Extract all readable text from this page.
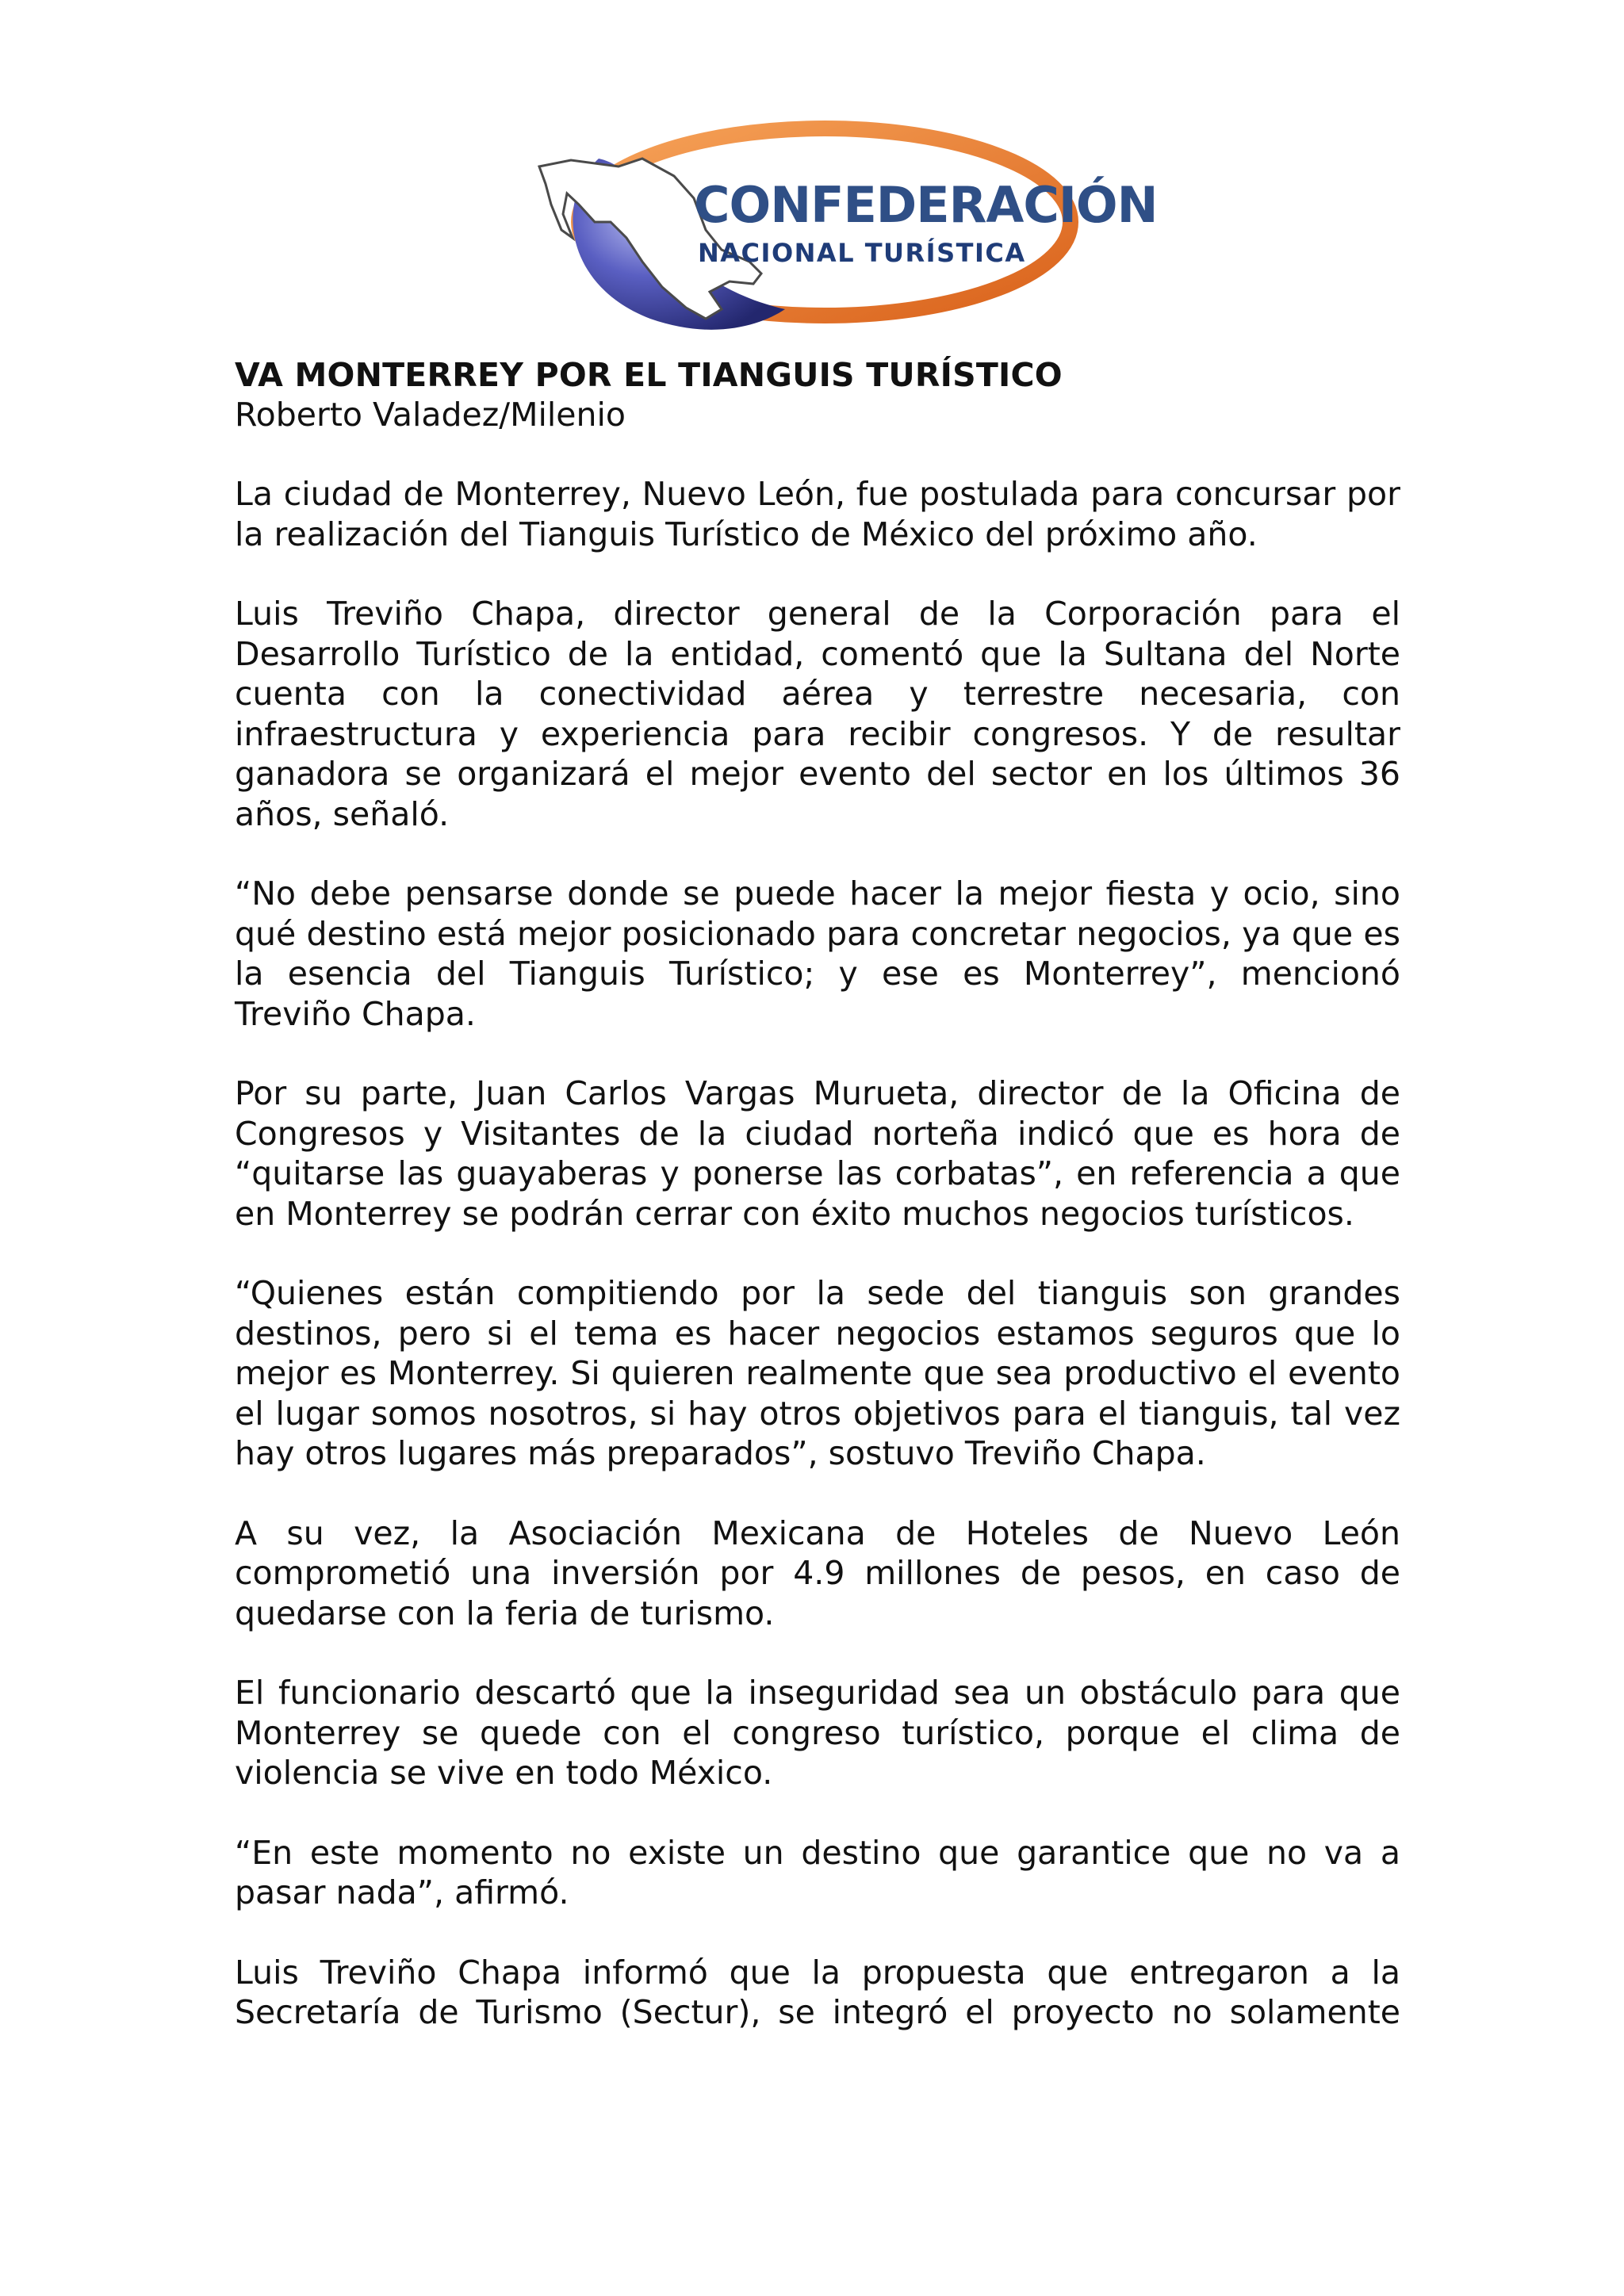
CONFEDERACIÓN
NACIONAL TURÍSTICA
VA MONTERREY POR EL TIANGUIS TURÍSTICO

Roberto Valadez/Milenio

La ciudad de Monterrey, Nuevo León, fue postulada para concursar por la realización del Tianguis Turístico de México del próximo año.

Luis Treviño Chapa, director general de la Corporación para el Desarrollo Turístico de la entidad, comentó que la Sultana del Norte cuenta con la conectividad aérea y terrestre necesaria, con infraestructura y experiencia para recibir congresos. Y de resultar ganadora se organizará el mejor evento del sector en los últimos 36 años, señaló.

“No debe pensarse donde se puede hacer la mejor fiesta y ocio, sino qué destino está mejor posicionado para concretar negocios, ya que es la esencia del Tianguis Turístico; y ese es Monterrey”, mencionó Treviño Chapa.

Por su parte, Juan Carlos Vargas Murueta, director de la Oficina de Congresos y Visitantes de la ciudad norteña indicó que es hora de “quitarse las guayaberas y ponerse las corbatas”, en referencia a que en Monterrey se podrán cerrar con éxito muchos negocios turísticos.

“Quienes están compitiendo por la sede del tianguis son grandes destinos, pero si el tema es hacer negocios estamos seguros que lo mejor es Monterrey. Si quieren realmente que sea productivo el evento el lugar somos nosotros, si hay otros objetivos para el tianguis, tal vez hay otros lugares más preparados”, sostuvo Treviño Chapa.

A su vez, la Asociación Mexicana de Hoteles de Nuevo León comprometió una inversión por 4.9 millones de pesos, en caso de quedarse con la feria de turismo.

El funcionario descartó que la inseguridad sea un obstáculo para que Monterrey se quede con el congreso turístico, porque el clima de violencia se vive en todo México.

“En este momento no existe un destino que garantice que no va a pasar nada”, afirmó.

Luis Treviño Chapa informó que la propuesta que entregaron a la Secretaría de Turismo (Sectur), se integró el proyecto no solamente
